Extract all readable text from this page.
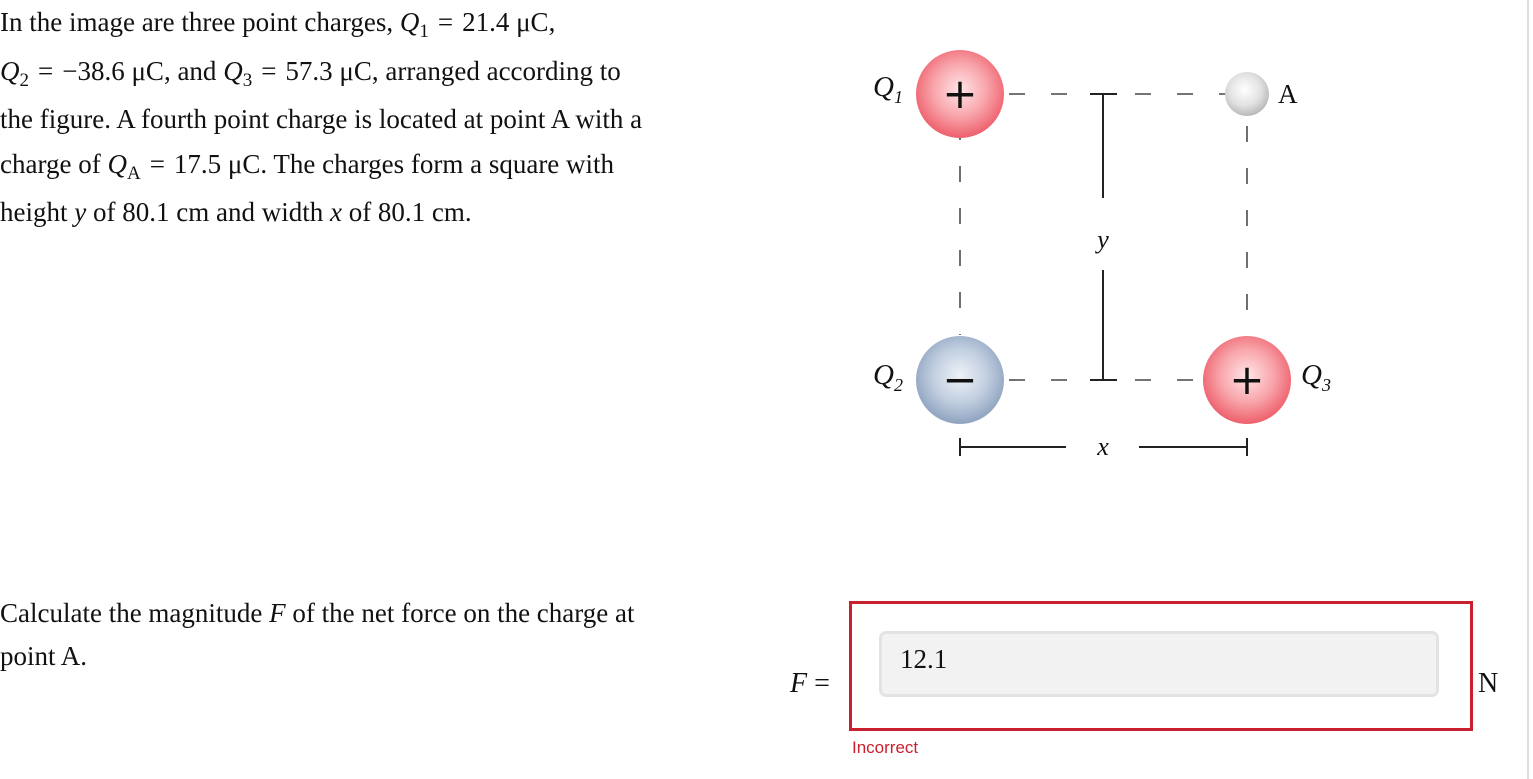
In the image are three point charges, $Q_1 = 21.4$ μC,

$Q_2 = -38.6$ μC, and $Q_3 = 57.3$ μC, arranged according to

the figure. A fourth point charge is located at point A with a

charge of $Q_A = 17.5$ μC. The charges form a square with

height y of 80.1 cm and width x of 80.1 cm.

y
x
+
−	+
$Q_1$
$Q_2$	$Q_3$
A

Calculate the magnitude F of the net force on the charge at

point A.

F =
12.1	N
Incorrect
